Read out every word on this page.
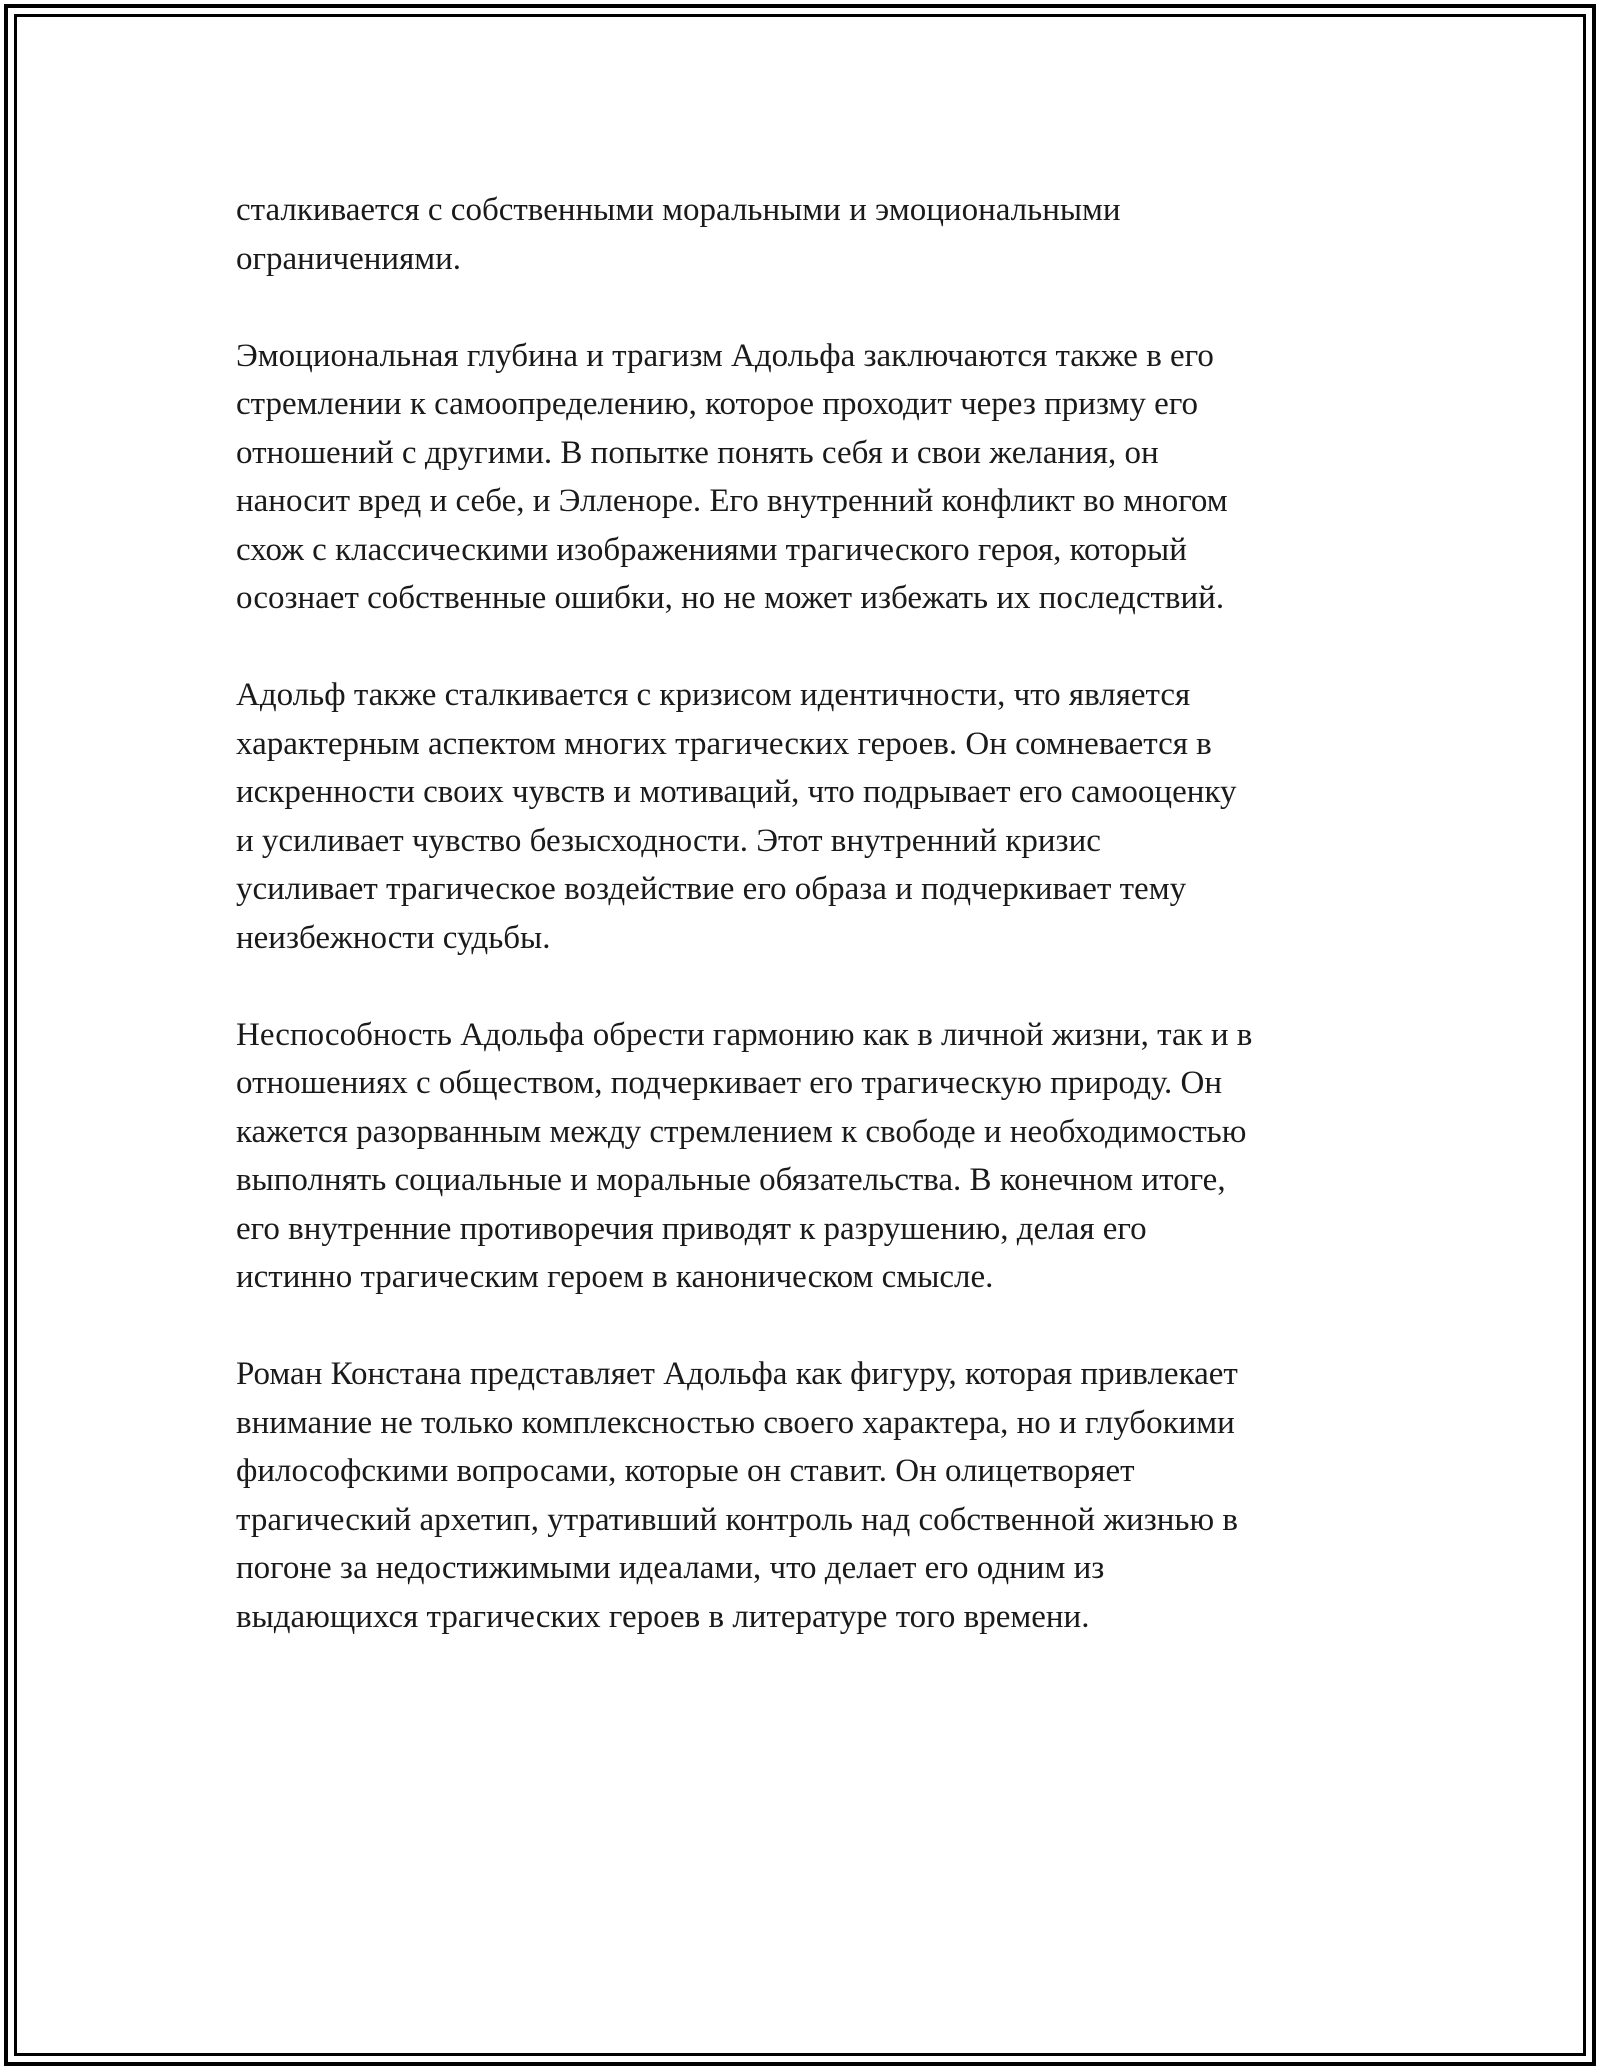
сталкивается с собственными моральными и эмоциональными
ограничениями.

Эмоциональная глубина и трагизм Адольфа заключаются также в его
стремлении к самоопределению, которое проходит через призму его
отношений с другими. В попытке понять себя и свои желания, он
наносит вред и себе, и Элленоре. Его внутренний конфликт во многом
схож с классическими изображениями трагического героя, который
осознает собственные ошибки, но не может избежать их последствий.

Адольф также сталкивается с кризисом идентичности, что является
характерным аспектом многих трагических героев. Он сомневается в
искренности своих чувств и мотиваций, что подрывает его самооценку
и усиливает чувство безысходности. Этот внутренний кризис
усиливает трагическое воздействие его образа и подчеркивает тему
неизбежности судьбы.

Неспособность Адольфа обрести гармонию как в личной жизни, так и в
отношениях с обществом, подчеркивает его трагическую природу. Он
кажется разорванным между стремлением к свободе и необходимостью
выполнять социальные и моральные обязательства. В конечном итоге,
его внутренние противоречия приводят к разрушению, делая его
истинно трагическим героем в каноническом смысле.

Роман Констана представляет Адольфа как фигуру, которая привлекает
внимание не только комплексностью своего характера, но и глубокими
философскими вопросами, которые он ставит. Он олицетворяет
трагический архетип, утративший контроль над собственной жизнью в
погоне за недостижимыми идеалами, что делает его одним из
выдающихся трагических героев в литературе того времени.
